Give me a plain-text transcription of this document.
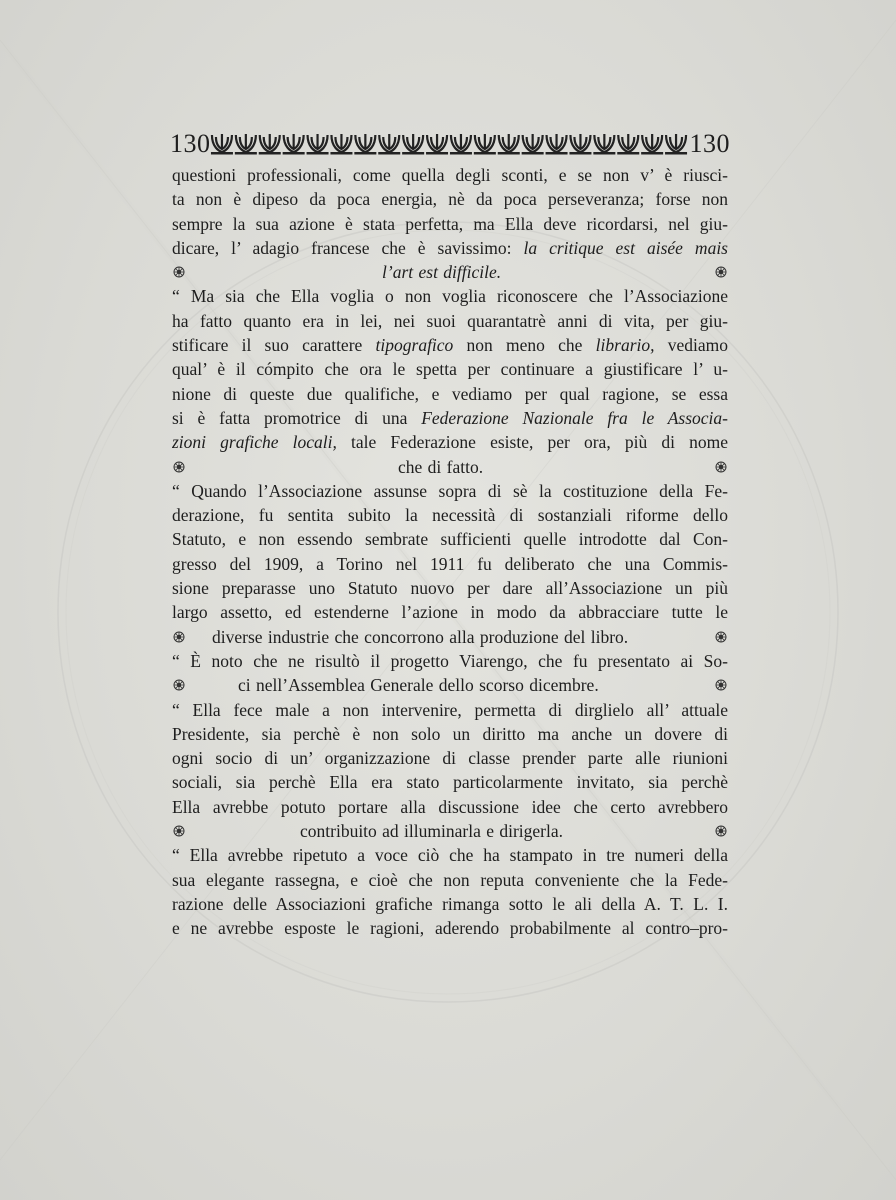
130	130
questioni professionali, come quella degli sconti, e se non v’ è riusci-
ta non è dipeso da poca energia, nè da poca perseveranza; forse non
sempre la sua azione è stata perfetta, ma Ella deve ricordarsi, nel giu-
dicare, l’ adagio francese che è savissimo: la critique est aisée mais
l’art est difficile.
“ Ma sia che Ella voglia o non voglia riconoscere che l’Associazione
ha fatto quanto era in lei, nei suoi quarantatrè anni di vita, per giu-
stificare il suo carattere tipografico non meno che librario, vediamo
qual’ è il cómpito che ora le spetta per continuare a giustificare l’ u-
nione di queste due qualifiche, e vediamo per qual ragione, se essa
si è fatta promotrice di una Federazione Nazionale fra le Associa-
zioni grafiche locali, tale Federazione esiste, per ora, più di nome
che di fatto.
“ Quando l’Associazione assunse sopra di sè la costituzione della Fe-
derazione, fu sentita subito la necessità di sostanziali riforme dello
Statuto, e non essendo sembrate sufficienti quelle introdotte dal Con-
gresso del 1909, a Torino nel 1911 fu deliberato che una Commis-
sione preparasse uno Statuto nuovo per dare all’Associazione un più
largo assetto, ed estenderne l’azione in modo da abbracciare tutte le
diverse industrie che concorrono alla produzione del libro.
“ È noto che ne risultò il progetto Viarengo, che fu presentato ai So-
ci nell’Assemblea Generale dello scorso dicembre.
“ Ella fece male a non intervenire, permetta di dirglielo all’ attuale
Presidente, sia perchè è non solo un diritto ma anche un dovere di
ogni socio di un’ organizzazione di classe prender parte alle riunioni
sociali, sia perchè Ella era stato particolarmente invitato, sia perchè
Ella avrebbe potuto portare alla discussione idee che certo avrebbero
contribuito ad illuminarla e dirigerla.
“ Ella avrebbe ripetuto a voce ciò che ha stampato in tre numeri della
sua elegante rassegna, e cioè che non reputa conveniente che la Fede-
razione delle Associazioni grafiche rimanga sotto le ali della A. T. L. I.
e ne avrebbe esposte le ragioni, aderendo probabilmente al contro–pro-
